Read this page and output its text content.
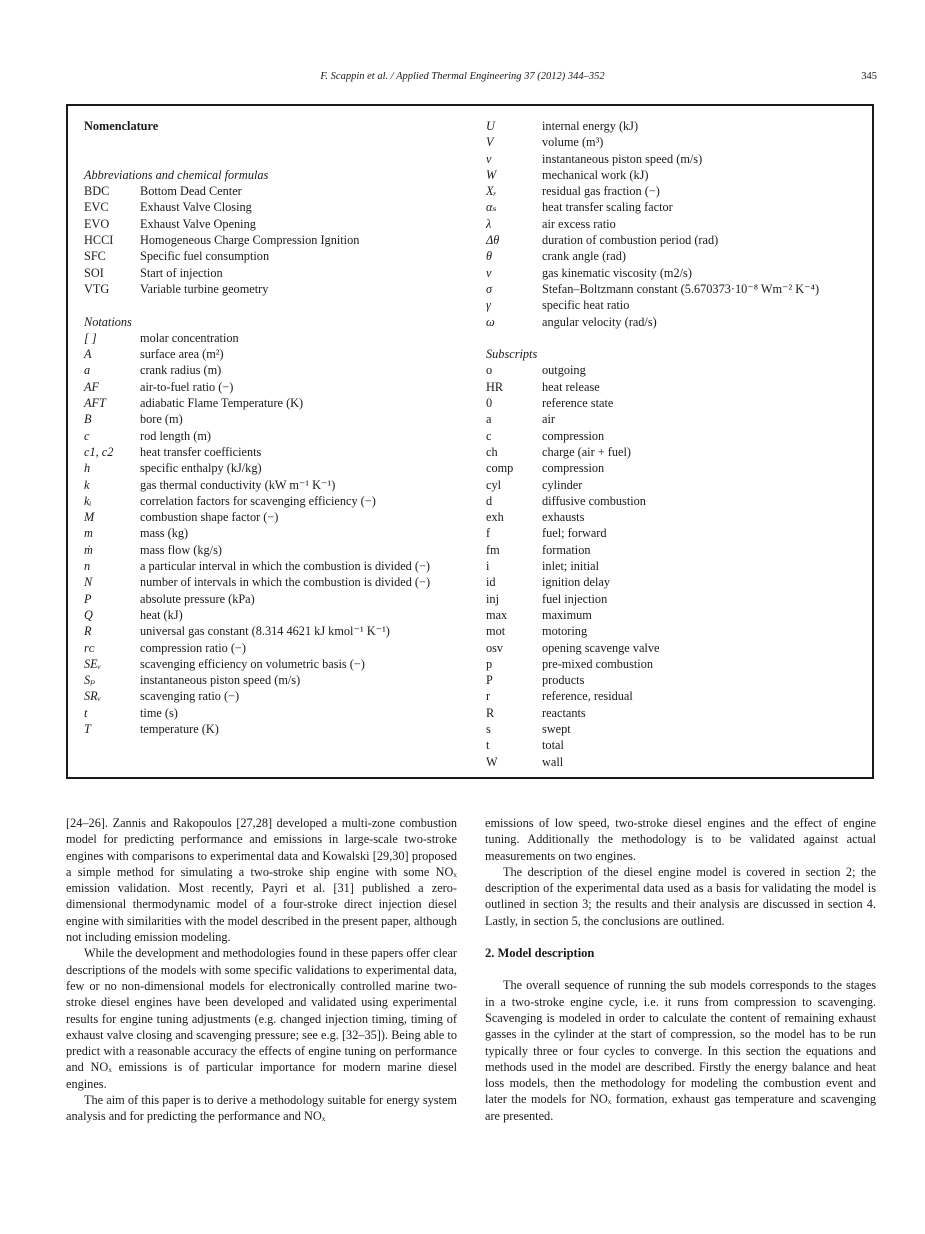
F. Scappin et al. / Applied Thermal Engineering 37 (2012) 344–352	345
Nomenclature
Abbreviations and chemical formulas
BDC	Bottom Dead Center
EVC	Exhaust Valve Closing
EVO	Exhaust Valve Opening
HCCI	Homogeneous Charge Compression Ignition
SFC	Specific fuel consumption
SOI	Start of injection
VTG	Variable turbine geometry
Notations
[ ]	molar concentration
A	surface area (m²)
a	crank radius (m)
AF	air-to-fuel ratio (−)
AFT	adiabatic Flame Temperature (K)
B	bore (m)
c	rod length (m)
c1, c2	heat transfer coefficients
h	specific enthalpy (kJ/kg)
k	gas thermal conductivity (kW m⁻¹ K⁻¹)
kᵢ	correlation factors for scavenging efficiency (−)
M	combustion shape factor (−)
m	mass (kg)
ṁ	mass flow (kg/s)
n	a particular interval in which the combustion is divided (−)
N	number of intervals in which the combustion is divided (−)
P	absolute pressure (kPa)
Q	heat (kJ)
R	universal gas constant (8.314 4621 kJ kmol⁻¹ K⁻¹)
rᴄ	compression ratio (−)
SEᵥ	scavenging efficiency on volumetric basis (−)
Sₚ	instantaneous piston speed (m/s)
SRᵥ	scavenging ratio (−)
t	time (s)
T	temperature (K)
U	internal energy (kJ)
V	volume (m³)
v	instantaneous piston speed (m/s)
W	mechanical work (kJ)
Xᵣ	residual gas fraction (−)
αₛ	heat transfer scaling factor
λ	air excess ratio
Δθ	duration of combustion period (rad)
θ	crank angle (rad)
ν	gas kinematic viscosity (m2/s)
σ	Stefan–Boltzmann constant (5.670373·10⁻⁸ Wm⁻² K⁻⁴)
γ	specific heat ratio
ω	angular velocity (rad/s)
Subscripts
o	outgoing
HR	heat release
0	reference state
a	air
c	compression
ch	charge (air + fuel)
comp	compression
cyl	cylinder
d	diffusive combustion
exh	exhausts
f	fuel; forward
fm	formation
i	inlet; initial
id	ignition delay
inj	fuel injection
max	maximum
mot	motoring
osv	opening scavenge valve
p	pre-mixed combustion
P	products
r	reference, residual
R	reactants
s	swept
t	total
W	wall

[24–26]. Zannis and Rakopoulos [27,28] developed a multi-zone combustion model for predicting performance and emissions in large-scale two-stroke engines with comparisons to experimental data and Kowalski [29,30] proposed a simple method for simulating a two-stroke ship engine with some NOₓ emission validation. Most recently, Payri et al. [31] published a zero-dimensional thermodynamic model of a four-stroke direct injection diesel engine with similarities with the model described in the present paper, although not including emission modeling.

While the development and methodologies found in these papers offer clear descriptions of the models with some specific validations to experimental data, few or no non-dimensional models for electronically controlled marine two-stroke diesel engines have been developed and validated using experimental results for engine tuning adjustments (e.g. changed injection timing, timing of exhaust valve closing and scavenging pressure; see e.g. [32–35]). Being able to predict with a reasonable accuracy the effects of engine tuning on performance and NOₓ emissions is of particular importance for modern marine diesel engines.

The aim of this paper is to derive a methodology suitable for energy system analysis and for predicting the performance and NOₓ

emissions of low speed, two-stroke diesel engines and the effect of engine tuning. Additionally the methodology is to be validated against actual measurements on two engines.

The description of the diesel engine model is covered in section 2; the description of the experimental data used as a basis for validating the model is outlined in section 3; the results and their analysis are discussed in section 4. Lastly, in section 5, the conclusions are outlined.

2. Model description

The overall sequence of running the sub models corresponds to the stages in a two-stroke engine cycle, i.e. it runs from compression to scavenging. Scavenging is modeled in order to calculate the content of remaining exhaust gasses in the cylinder at the start of compression, so the model has to be run typically three or four cycles to converge. In this section the equations and methods used in the model are described. Firstly the energy balance and heat loss models, then the methodology for modeling the combustion event and later the models for NOₓ formation, exhaust gas temperature and scavenging are presented.
